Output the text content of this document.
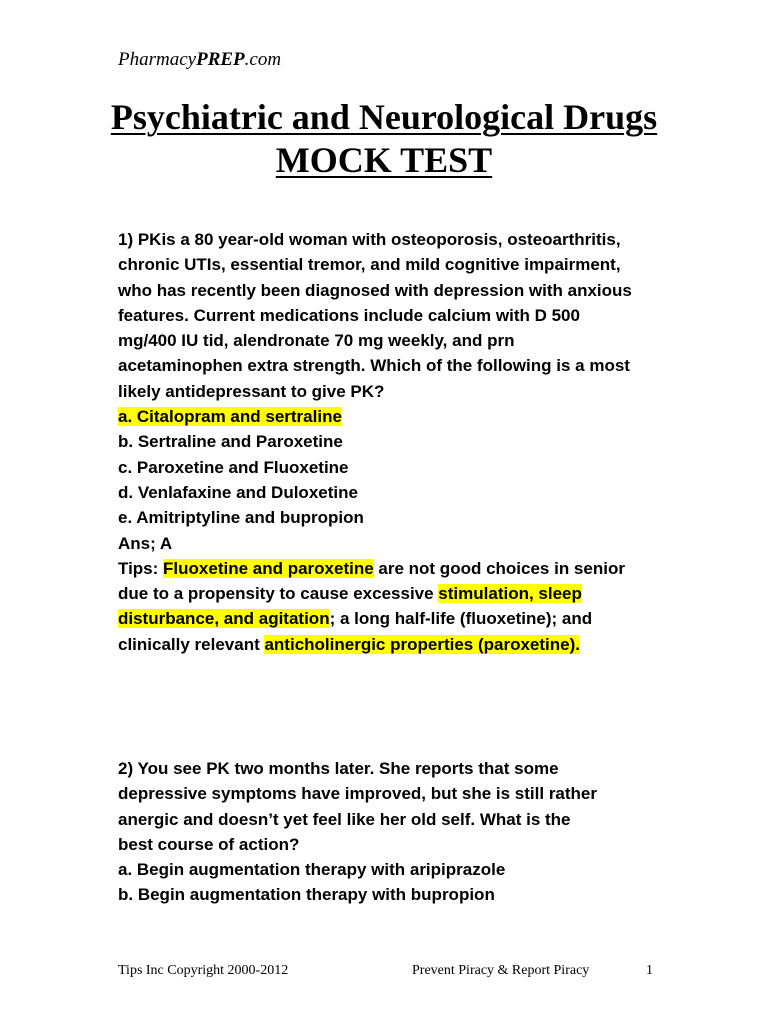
PharmacyPREP.com
Psychiatric and Neurological Drugs
MOCK TEST
1) PKis a 80 year-old woman with osteoporosis, osteoarthritis,
chronic UTIs, essential tremor, and mild cognitive impairment,
who has recently been diagnosed with depression with anxious
features. Current medications include calcium with D 500
mg/400 IU tid, alendronate 70 mg weekly, and prn
acetaminophen extra strength. Which of the following is a most
likely antidepressant to give PK?
a. Citalopram and sertraline
b. Sertraline and Paroxetine
c. Paroxetine and Fluoxetine
d. Venlafaxine and Duloxetine
e. Amitriptyline and bupropion
Ans; A
Tips: Fluoxetine and paroxetine are not good choices in senior
due to a propensity to cause excessive stimulation, sleep
disturbance, and agitation; a long half-life (fluoxetine); and
clinically relevant anticholinergic properties (paroxetine).
2) You see PK two months later. She reports that some
depressive symptoms have improved, but she is still rather
anergic and doesn’t yet feel like her old self. What is the
best course of action?
a. Begin augmentation therapy with aripiprazole
b. Begin augmentation therapy with bupropion
Tips Inc Copyright 2000-2012	Prevent Piracy & Report Piracy	1
